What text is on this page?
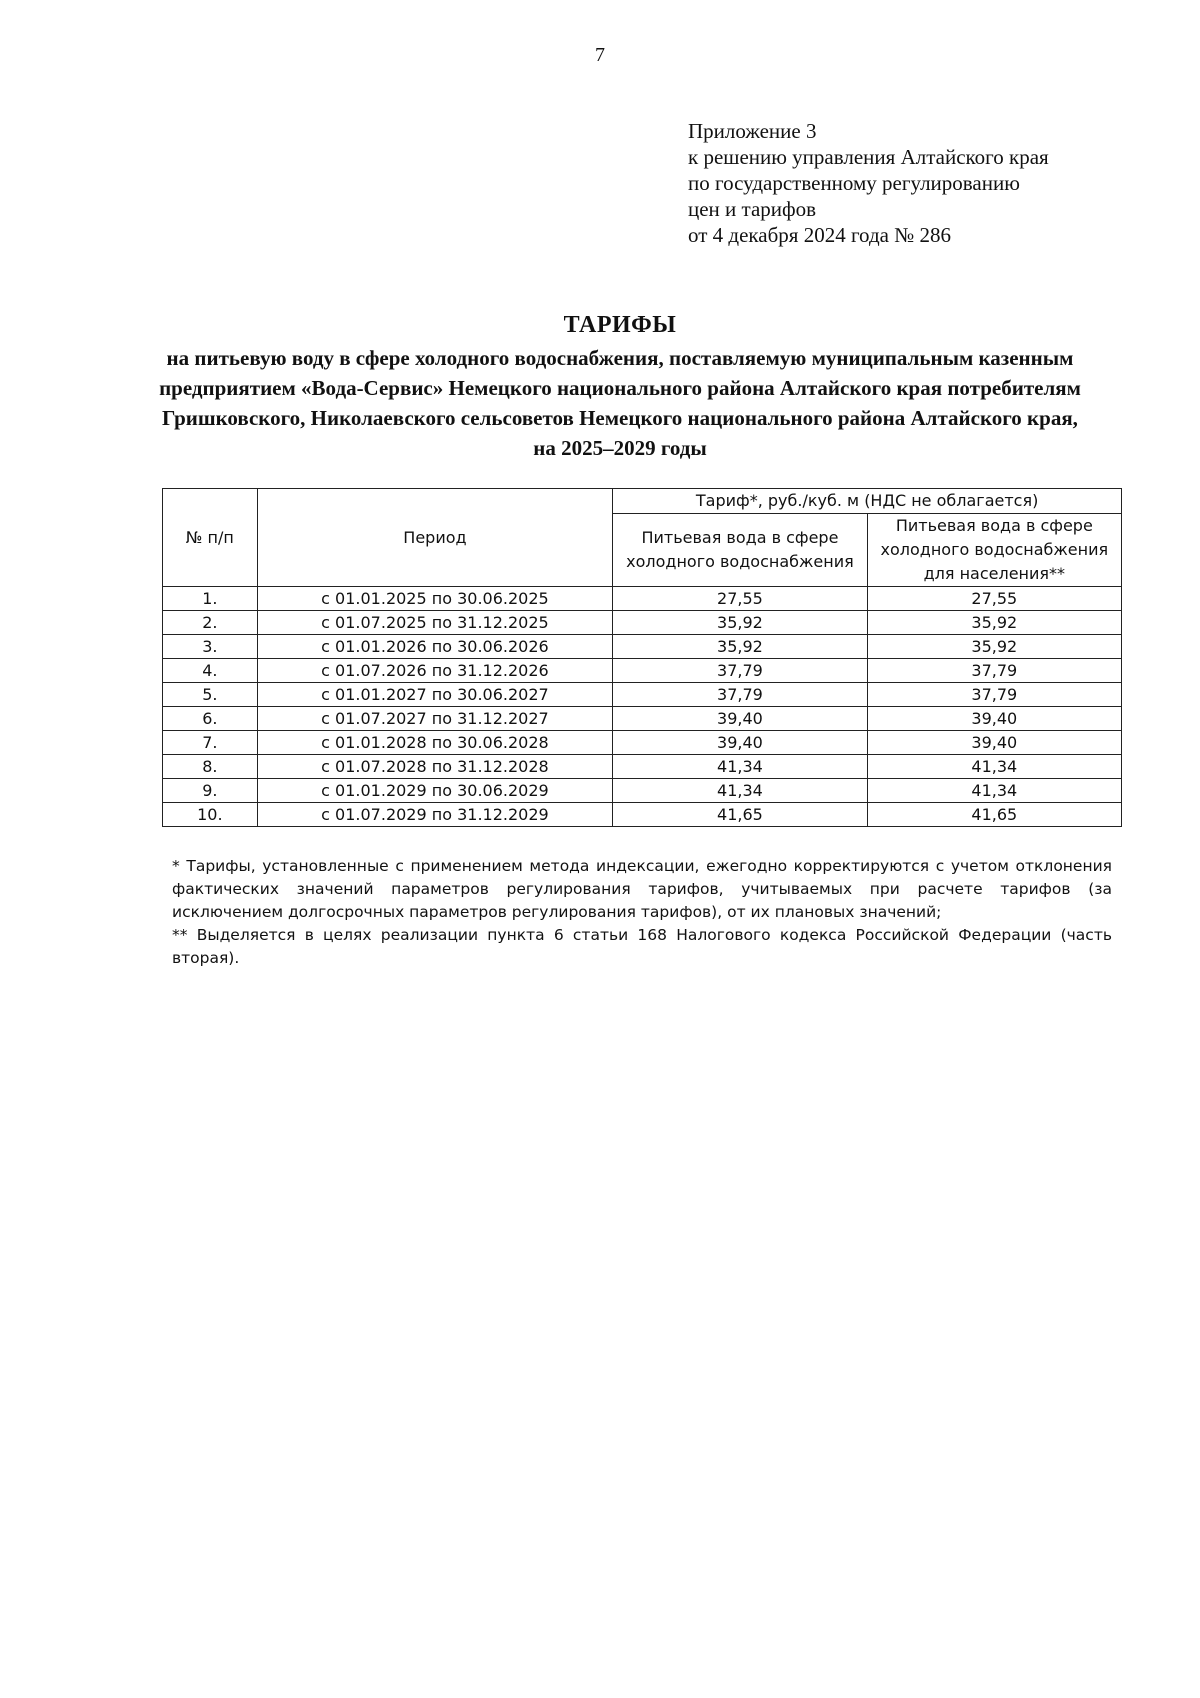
7
Приложение 3
к решению управления Алтайского края
по государственному регулированию
цен и тарифов
от 4 декабря 2024 года № 286
ТАРИФЫ
на питьевую воду в сфере холодного водоснабжения, поставляемую муниципальным казенным предприятием «Вода-Сервис» Немецкого национального района Алтайского края потребителям Гришковского, Николаевского сельсоветов Немецкого национального района Алтайского края, на 2025–2029 годы
№ п/п	Период	Тариф*, руб./куб. м (НДС не облагается)	
		Питьевая вода в сфере холодного водоснабжения	Питьевая вода в сфере холодного водоснабжения для населения**
1.	с 01.01.2025 по 30.06.2025	27,55	27,55
2.	с 01.07.2025 по 31.12.2025	35,92	35,92
3.	с 01.01.2026 по 30.06.2026	35,92	35,92
4.	с 01.07.2026 по 31.12.2026	37,79	37,79
5.	с 01.01.2027 по 30.06.2027	37,79	37,79
6.	с 01.07.2027 по 31.12.2027	39,40	39,40
7.	с 01.01.2028 по 30.06.2028	39,40	39,40
8.	с 01.07.2028 по 31.12.2028	41,34	41,34
9.	с 01.01.2029 по 30.06.2029	41,34	41,34
10.	с 01.07.2029 по 31.12.2029	41,65	41,65

* Тарифы, установленные с применением метода индексации, ежегодно корректируются с учетом отклонения фактических значений параметров регулирования тарифов, учитываемых при расчете тарифов (за исключением долгосрочных параметров регулирования тарифов), от их плановых значений;

** Выделяется в целях реализации пункта 6 статьи 168 Налогового кодекса Российской Федерации (часть вторая).
